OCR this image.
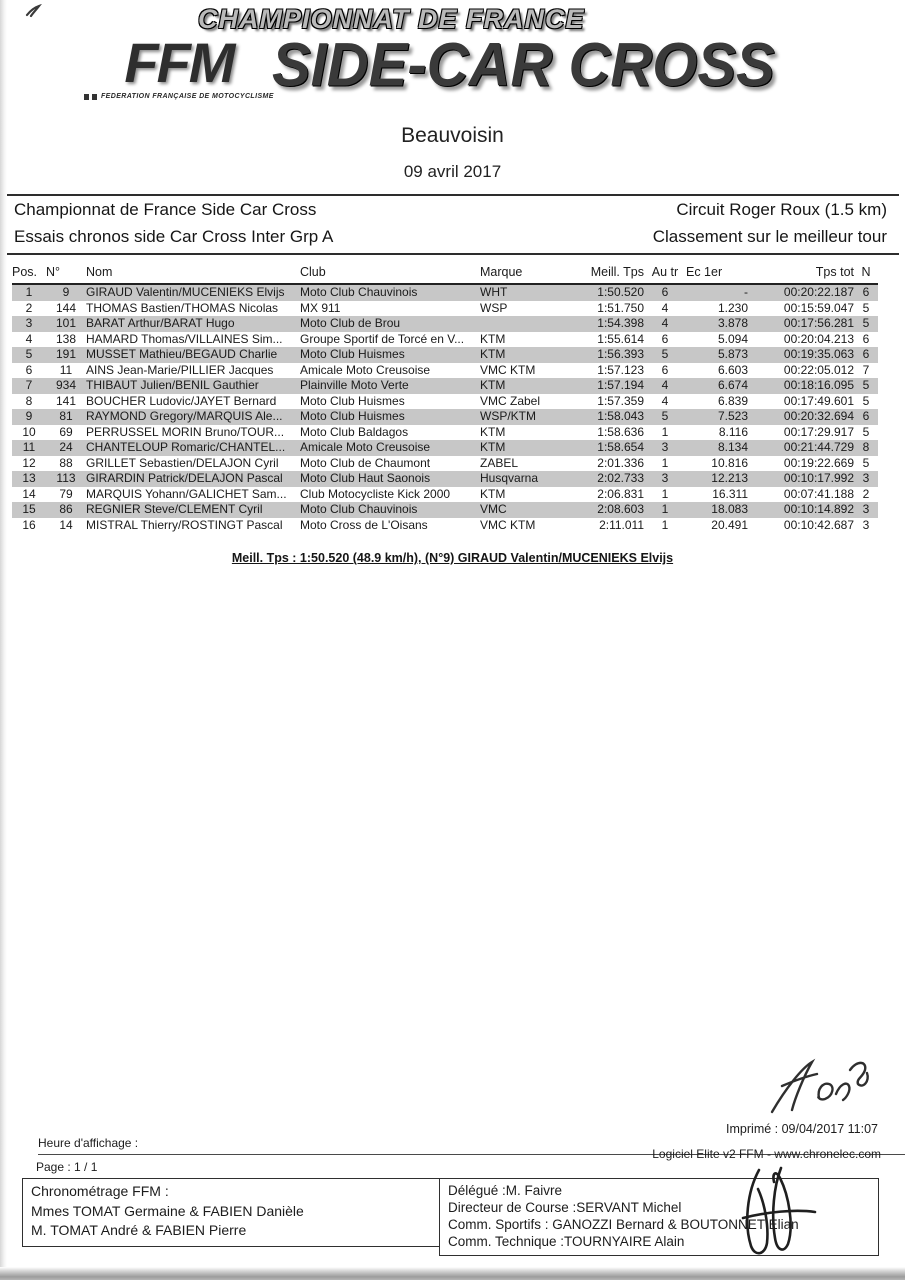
CHAMPIONNAT DE FRANCE
SIDE-CAR CROSS
FFM
FEDERATION FRANÇAISE DE MOTOCYCLISME
Beauvoisin
09 avril 2017
Championnat de France Side Car Cross
Essais chronos side Car Cross Inter Grp A
Circuit Roger Roux (1.5 km)
Classement sur le meilleur tour
Pos.	N°	Nom	Club	Marque	Meill. Tps	Au tr	Ec 1er	Tps tot	N
1	9	GIRAUD Valentin/MUCENIEKS Elvijs	Moto Club Chauvinois	WHT	1:50.520	6	-	00:20:22.187	6
2	144	THOMAS Bastien/THOMAS Nicolas	MX 911	WSP	1:51.750	4	1.230	00:15:59.047	5
3	101	BARAT Arthur/BARAT Hugo	Moto Club de Brou		1:54.398	4	3.878	00:17:56.281	5
4	138	HAMARD Thomas/VILLAINES Sim...	Groupe Sportif de Torcé en V...	KTM	1:55.614	6	5.094	00:20:04.213	6
5	191	MUSSET Mathieu/BEGAUD Charlie	Moto Club Huismes	KTM	1:56.393	5	5.873	00:19:35.063	6
6	11	AINS Jean-Marie/PILLIER Jacques	Amicale Moto Creusoise	VMC KTM	1:57.123	6	6.603	00:22:05.012	7
7	934	THIBAUT Julien/BENIL Gauthier	Plainville Moto Verte	KTM	1:57.194	4	6.674	00:18:16.095	5
8	141	BOUCHER Ludovic/JAYET Bernard	Moto Club Huismes	VMC Zabel	1:57.359	4	6.839	00:17:49.601	5
9	81	RAYMOND Gregory/MARQUIS Ale...	Moto Club Huismes	WSP/KTM	1:58.043	5	7.523	00:20:32.694	6
10	69	PERRUSSEL MORIN Bruno/TOUR...	Moto Club Baldagos	KTM	1:58.636	1	8.116	00:17:29.917	5
11	24	CHANTELOUP Romaric/CHANTEL...	Amicale Moto Creusoise	KTM	1:58.654	3	8.134	00:21:44.729	8
12	88	GRILLET Sebastien/DELAJON Cyril	Moto Club de Chaumont	ZABEL	2:01.336	1	10.816	00:19:22.669	5
13	113	GIRARDIN Patrick/DELAJON Pascal	Moto Club Haut Saonois	Husqvarna	2:02.733	3	12.213	00:10:17.992	3
14	79	MARQUIS Yohann/GALICHET Sam...	Club Motocycliste Kick 2000	KTM	2:06.831	1	16.311	00:07:41.188	2
15	86	REGNIER Steve/CLEMENT Cyril	Moto Club Chauvinois	VMC	2:08.603	1	18.083	00:10:14.892	3
16	14	MISTRAL Thierry/ROSTINGT Pascal	Moto Cross de L'Oisans	VMC KTM	2:11.011	1	20.491	00:10:42.687	3
Meill. Tps : 1:50.520 (48.9 km/h), (N°9) GIRAUD Valentin/MUCENIEKS Elvijs
Imprimé : 09/04/2017 11:07
Heure d'affichage :
Logiciel Elite v2 FFM - www.chronelec.com
Page : 1 / 1
Chronométrage FFM :
Mmes TOMAT Germaine & FABIEN Danièle
M. TOMAT André & FABIEN Pierre
Délégué :M. Faivre
Directeur de Course :SERVANT Michel
Comm. Sportifs : GANOZZI Bernard & BOUTONNET Elian
Comm. Technique :TOURNYAIRE Alain
